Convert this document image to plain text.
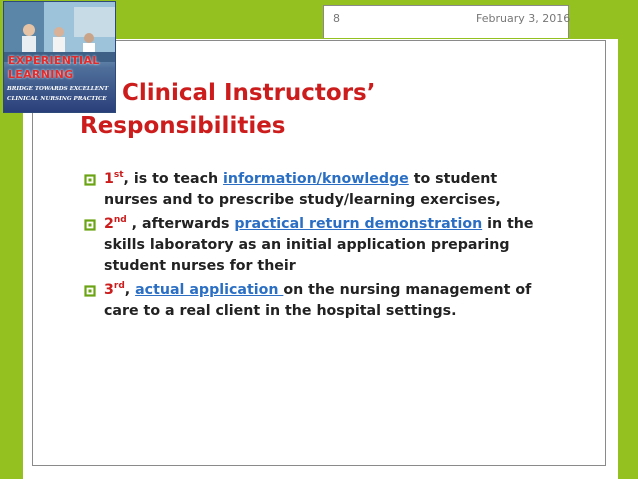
8	February 3, 2016
EXPERIENTIAL
LEARNING
BRIDGE TOWARDS EXCELLENT
CLINICAL NURSING PRACTICE Clinical Instructors’
Responsibilities
1st, is to teach information/knowledge to student nurses and to prescribe study/learning exercises,
2nd , afterwards practical return demonstration in the skills laboratory as an initial application preparing student nurses for their
3rd, actual application on the nursing management of care to a real client in the hospital settings.
